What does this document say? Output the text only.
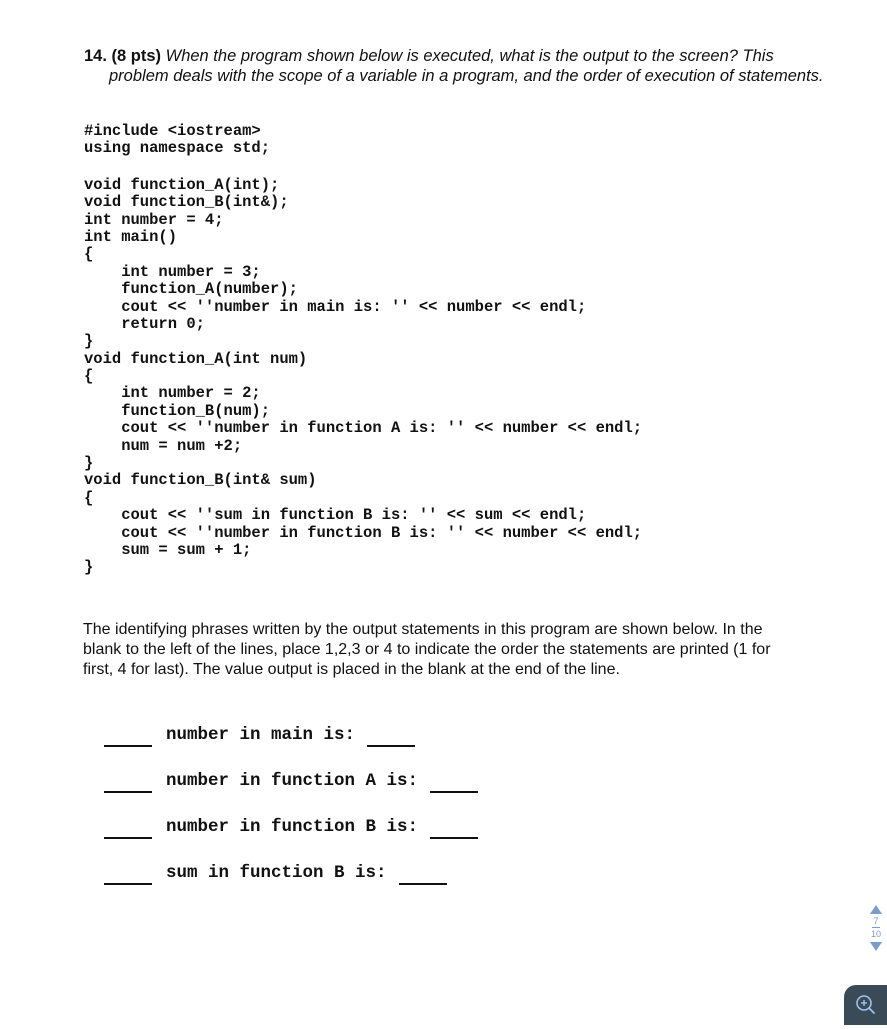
14. (8 pts) When the program shown below is executed, what is the output to the screen? This problem deals with the scope of a variable in a program, and the order of execution of statements.
#include <iostream>
using namespace std;
void function_A(int);
void function_B(int&);
int number = 4;
int main()
{
int number = 3;
function_A(number);
cout << ''number in main is: '' << number << endl;
return 0;
}
void function_A(int num)
{
int number = 2;
function_B(num);
cout << ''number in function A is: '' << number << endl;
num = num +2;
}
void function_B(int& sum)
{
cout << ''sum in function B is: '' << sum << endl;
cout << ''number in function B is: '' << number << endl;
sum = sum + 1;
}
The identifying phrases written by the output statements in this program are shown below. In the blank to the left of the lines, place 1,2,3 or 4 to indicate the order the statements are printed (1 for first, 4 for last). The value output is placed in the blank at the end of the line.

number in main is:

number in function A is:

number in function B is:

sum in function B is:

7
10
